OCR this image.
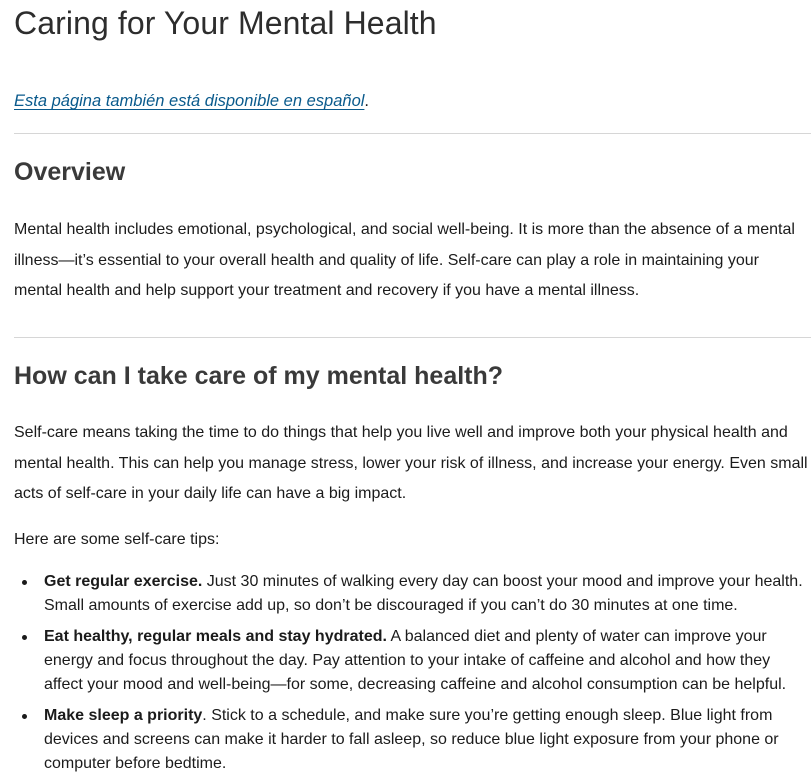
Caring for Your Mental Health
Esta página también está disponible en español.
Overview

Mental health includes emotional, psychological, and social well-being. It is more than the absence of a mental illness—it’s essential to your overall health and quality of life. Self-care can play a role in maintaining your mental health and help support your treatment and recovery if you have a mental illness.

How can I take care of my mental health?

Self-care means taking the time to do things that help you live well and improve both your physical health and mental health. This can help you manage stress, lower your risk of illness, and increase your energy. Even small acts of self-care in your daily life can have a big impact.

Here are some self-care tips:

Get regular exercise. Just 30 minutes of walking every day can boost your mood and improve your health. Small amounts of exercise add up, so don’t be discouraged if you can’t do 30 minutes at one time.
Eat healthy, regular meals and stay hydrated. A balanced diet and plenty of water can improve your energy and focus throughout the day. Pay attention to your intake of caffeine and alcohol and how they affect your mood and well-being—for some, decreasing caffeine and alcohol consumption can be helpful.
Make sleep a priority. Stick to a schedule, and make sure you’re getting enough sleep. Blue light from devices and screens can make it harder to fall asleep, so reduce blue light exposure from your phone or computer before bedtime.
